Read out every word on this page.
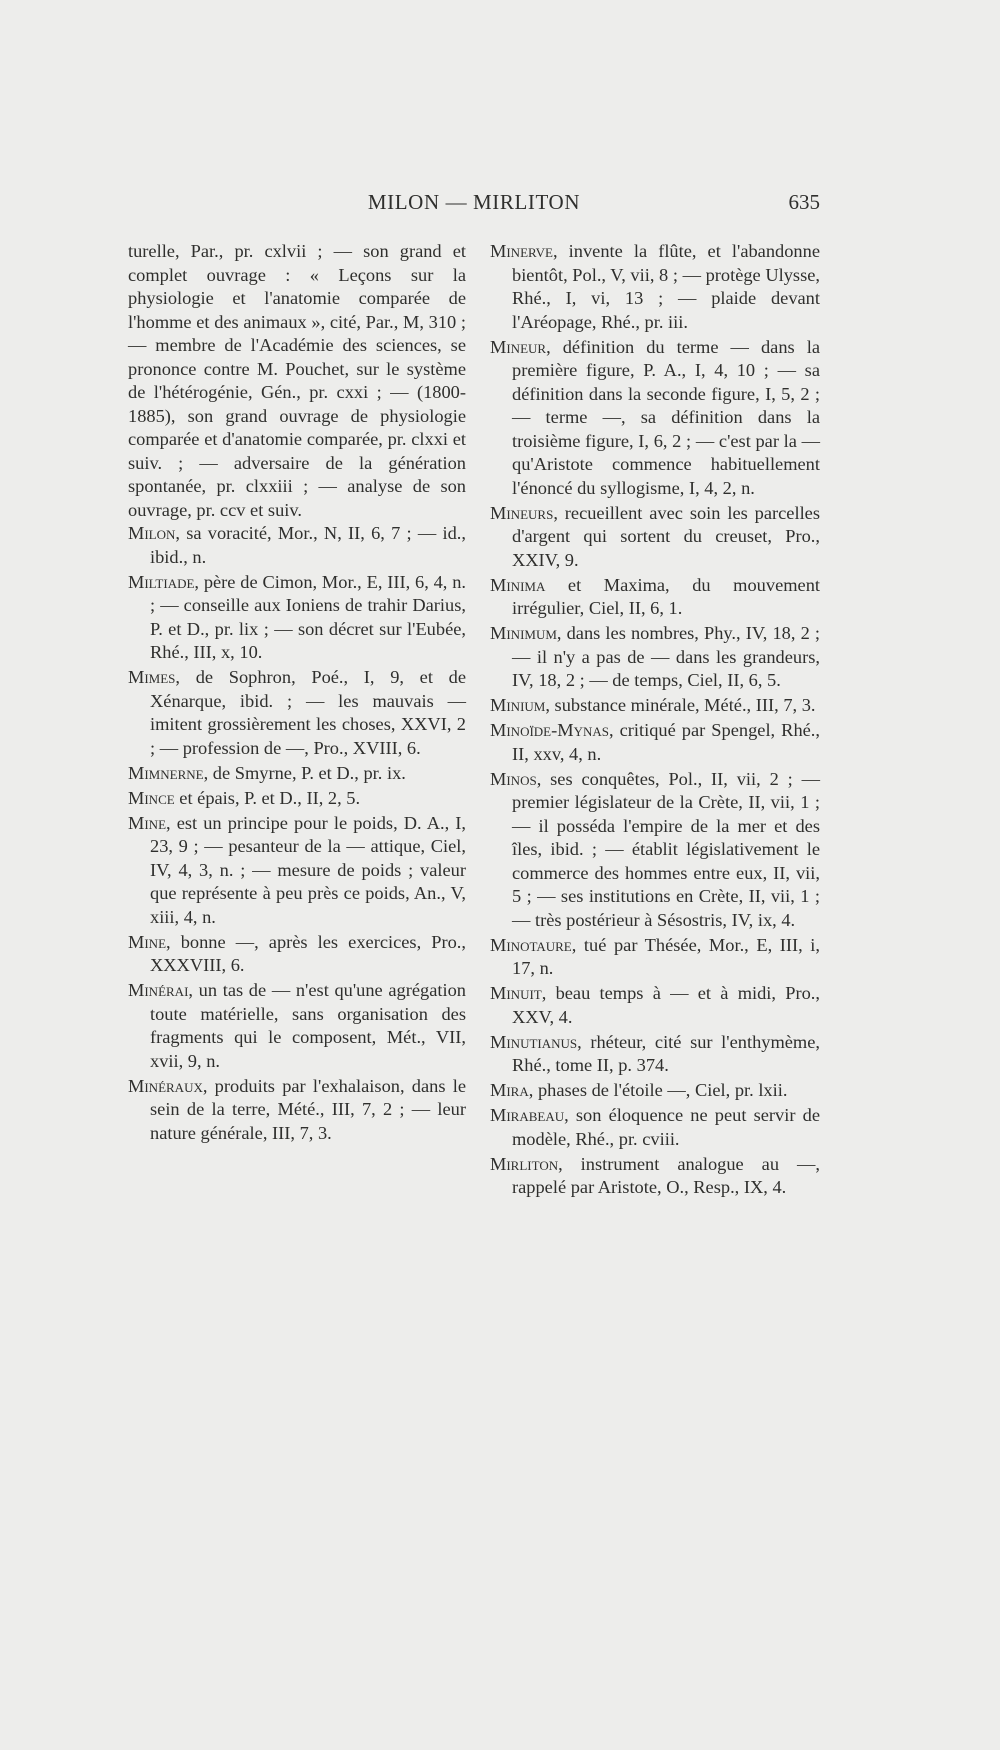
MILON — MIRLITON	635

turelle, Par., pr. cxlvii ; — son grand et complet ouvrage : « Leçons sur la physiologie et l'anatomie comparée de l'homme et des animaux », cité, Par., M, 310 ; — membre de l'Académie des sciences, se prononce contre M. Pouchet, sur le système de l'hétérogénie, Gén., pr. cxxi ; — (1800-1885), son grand ouvrage de physiologie comparée et d'anatomie comparée, pr. clxxi et suiv. ; — adversaire de la génération spontanée, pr. clxxiii ; — analyse de son ouvrage, pr. ccv et suiv.

Milon, sa voracité, Mor., N, II, 6, 7 ; — id., ibid., n.

Miltiade, père de Cimon, Mor., E, III, 6, 4, n. ; — conseille aux Ioniens de trahir Darius, P. et D., pr. lix ; — son décret sur l'Eubée, Rhé., III, x, 10.

Mimes, de Sophron, Poé., I, 9, et de Xénarque, ibid. ; — les mauvais — imitent grossièrement les choses, XXVI, 2 ; — profession de —, Pro., XVIII, 6.

Mimnerne, de Smyrne, P. et D., pr. ix.

Mince et épais, P. et D., II, 2, 5.

Mine, est un principe pour le poids, D. A., I, 23, 9 ; — pesanteur de la — attique, Ciel, IV, 4, 3, n. ; — mesure de poids ; valeur que représente à peu près ce poids, An., V, xiii, 4, n.

Mine, bonne —, après les exercices, Pro., XXXVIII, 6.

Minérai, un tas de — n'est qu'une agrégation toute matérielle, sans organisation des fragments qui le composent, Mét., VII, xvii, 9, n.

Minéraux, produits par l'exhalaison, dans le sein de la terre, Mété., III, 7, 2 ; — leur nature générale, III, 7, 3.

Minerve, invente la flûte, et l'abandonne bientôt, Pol., V, vii, 8 ; — protège Ulysse, Rhé., I, vi, 13 ; — plaide devant l'Aréopage, Rhé., pr. iii.

Mineur, définition du terme — dans la première figure, P. A., I, 4, 10 ; — sa définition dans la seconde figure, I, 5, 2 ; — terme —, sa définition dans la troisième figure, I, 6, 2 ; — c'est par la — qu'Aristote commence habituellement l'énoncé du syllogisme, I, 4, 2, n.

Mineurs, recueillent avec soin les parcelles d'argent qui sortent du creuset, Pro., XXIV, 9.

Minima et Maxima, du mouvement irrégulier, Ciel, II, 6, 1.

Minimum, dans les nombres, Phy., IV, 18, 2 ; — il n'y a pas de — dans les grandeurs, IV, 18, 2 ; — de temps, Ciel, II, 6, 5.

Minium, substance minérale, Mété., III, 7, 3.

Minoïde-Mynas, critiqué par Spengel, Rhé., II, xxv, 4, n.

Minos, ses conquêtes, Pol., II, vii, 2 ; — premier législateur de la Crète, II, vii, 1 ; — il posséda l'empire de la mer et des îles, ibid. ; — établit législativement le commerce des hommes entre eux, II, vii, 5 ; — ses institutions en Crète, II, vii, 1 ; — très postérieur à Sésostris, IV, ix, 4.

Minotaure, tué par Thésée, Mor., E, III, i, 17, n.

Minuit, beau temps à — et à midi, Pro., XXV, 4.

Minutianus, rhéteur, cité sur l'enthymème, Rhé., tome II, p. 374.

Mira, phases de l'étoile —, Ciel, pr. lxii.

Mirabeau, son éloquence ne peut servir de modèle, Rhé., pr. cviii.

Mirliton, instrument analogue au —, rappelé par Aristote, O., Resp., IX, 4.
